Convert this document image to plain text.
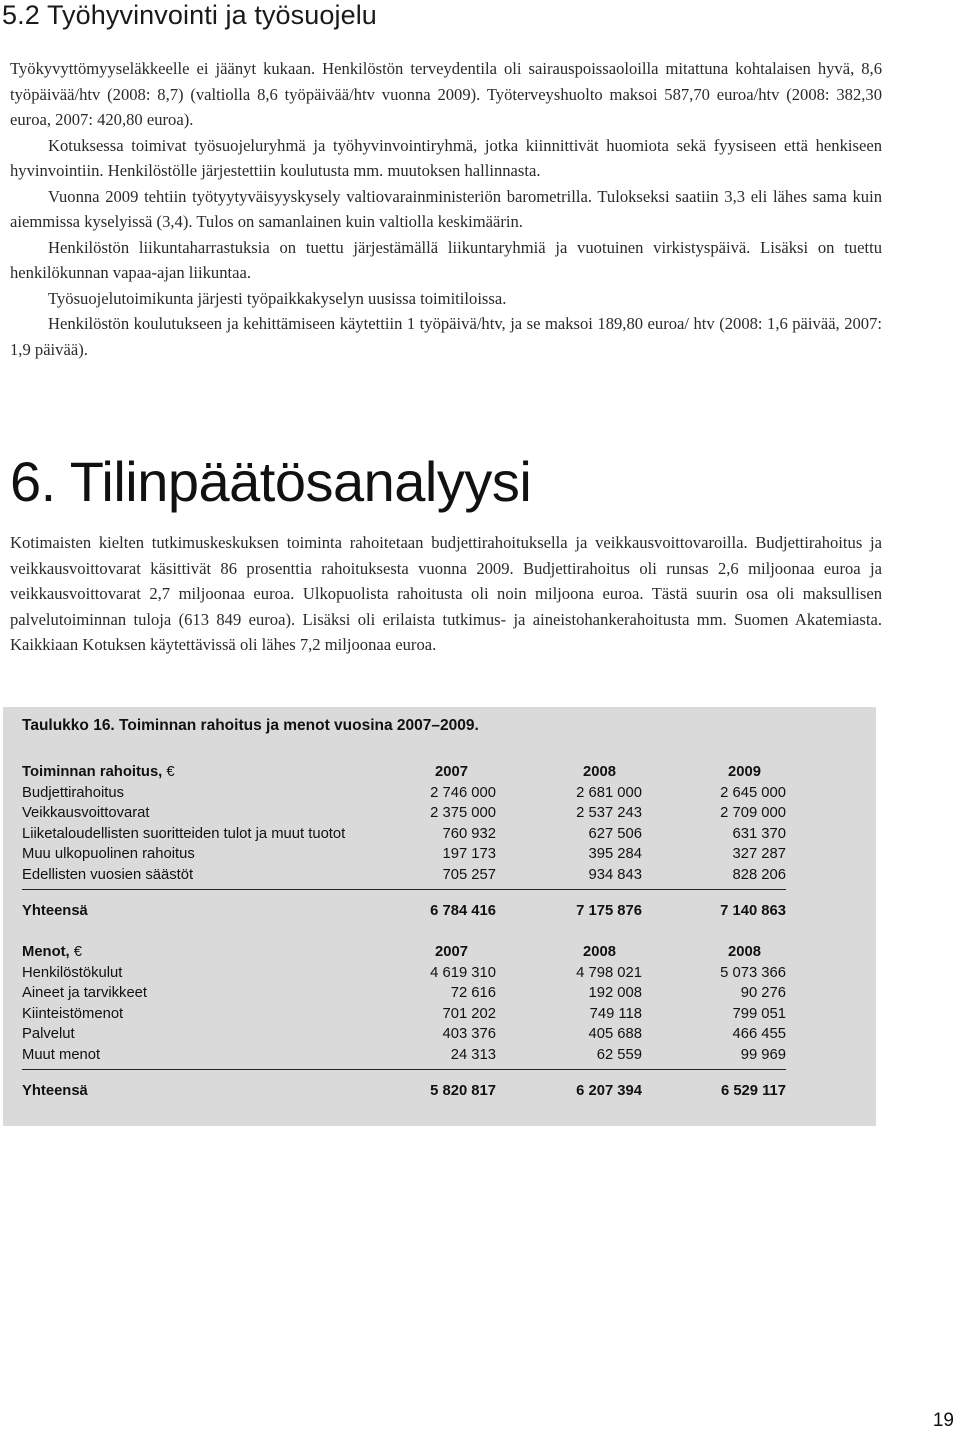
5.2 Työhyvinvointi ja työsuojelu

Työkyvyttömyyseläkkeelle ei jäänyt kukaan. Henkilöstön terveydentila oli sairauspoissaoloilla mitattuna kohtalaisen hyvä, 8,6 työpäivää/htv (2008: 8,7) (valtiolla 8,6 työpäivää/htv vuonna 2009). Työterveyshuolto maksoi 587,70 euroa/htv (2008: 382,30 euroa, 2007: 420,80 euroa).

Kotuksessa toimivat työsuojeluryhmä ja työhyvinvointiryhmä, jotka kiinnittivät huomiota sekä fyysiseen että henkiseen hyvinvointiin. Henkilöstölle järjestettiin koulutusta mm. muutoksen hallinnasta.

Vuonna 2009 tehtiin työtyytyväisyyskysely valtiovarainministeriön barometrilla. Tulokseksi saatiin 3,3 eli lähes sama kuin aiemmissa kyselyissä (3,4). Tulos on samanlainen kuin valtiolla keskimäärin.

Henkilöstön liikuntaharrastuksia on tuettu järjestämällä liikuntaryhmiä ja vuotuinen virkistyspäivä. Lisäksi on tuettu henkilökunnan vapaa-ajan liikuntaa.

Työsuojelutoimikunta järjesti työpaikkakyselyn uusissa toimitiloissa.

Henkilöstön koulutukseen ja kehittämiseen käytettiin 1 työpäivä/htv, ja se maksoi 189,80 euroa/ htv (2008: 1,6 päivää, 2007: 1,9 päivää).

6. Tilinpäätösanalyysi

Kotimaisten kielten tutkimuskeskuksen toiminta rahoitetaan budjettirahoituksella ja veikkausvoittovaroilla. Budjettirahoitus ja veikkausvoittovarat käsittivät 86 prosenttia rahoituksesta vuonna 2009. Budjettirahoitus oli runsas 2,6 miljoonaa euroa ja veikkausvoittovarat 2,7 miljoonaa euroa. Ulkopuolista rahoitusta oli noin miljoona euroa. Tästä suurin osa oli maksullisen palvelutoiminnan tuloja (613 849 euroa). Lisäksi oli erilaista tutkimus- ja aineistohankerahoitusta mm. Suomen Akatemiasta. Kaikkiaan Kotuksen käytettävissä oli lähes 7,2 miljoonaa euroa.

Taulukko 16. Toiminnan rahoitus ja menot vuosina 2007–2009.
Toiminnan rahoitus, €	2007	2008	2009
Budjettirahoitus	2 746 000	2 681 000	2 645 000
Veikkausvoittovarat	2 375 000	2 537 243	2 709 000
Liiketaloudellisten suoritteiden tulot ja muut tuotot	760 932	627 506	631 370
Muu ulkopuolinen rahoitus	197 173	395 284	327 287
Edellisten vuosien säästöt	705 257	934 843	828 206
Yhteensä	6 784 416	7 175 876	7 140 863
Menot, €	2007	2008	2008
Henkilöstökulut	4 619 310	4 798 021	5 073 366
Aineet ja tarvikkeet	72 616	192 008	90 276
Kiinteistömenot	701 202	749 118	799 051
Palvelut	403 376	405 688	466 455
Muut menot	24 313	62 559	99 969
Yhteensä	5 820 817	6 207 394	6 529 117
19
